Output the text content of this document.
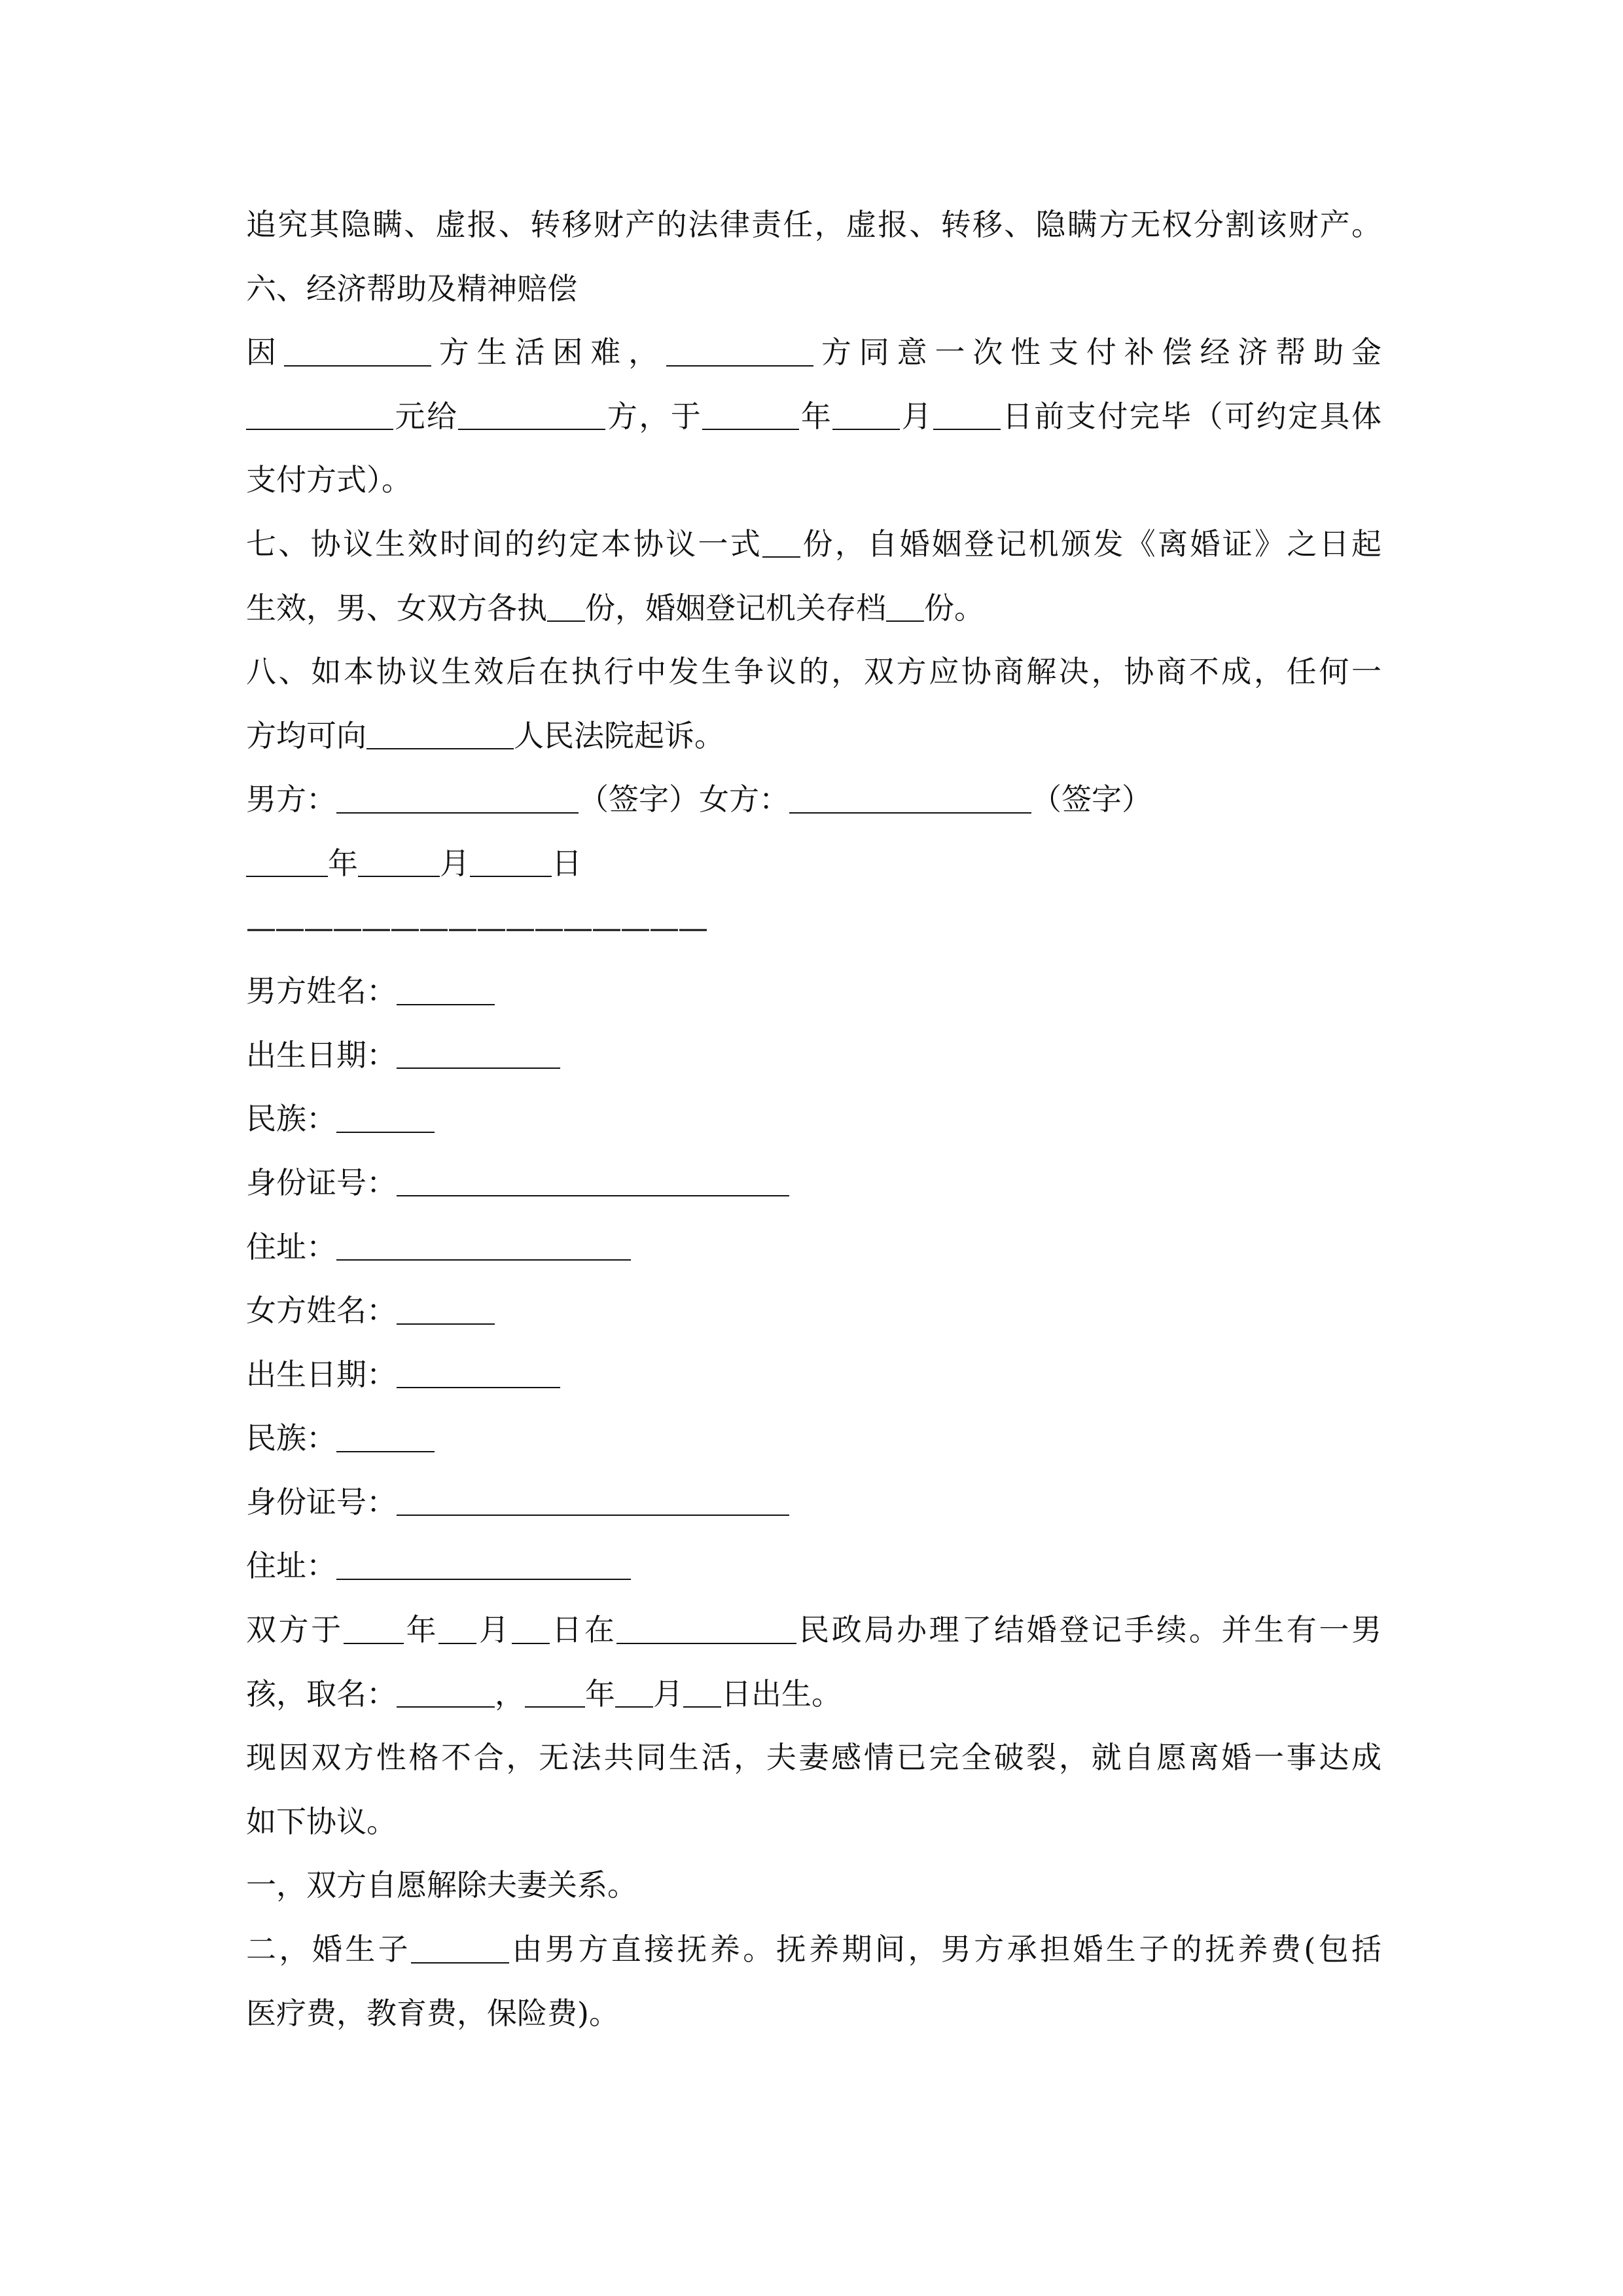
追究其隐瞒、虚报、转移财产的法律责任，虚报、转移、隐瞒方无权分割该财产。
六、经济帮助及精神赔偿
因	方生活困难，	方同意一次性支付补偿经济帮助金
元给	方，于	年 月 日前支付完毕（可约定具体
支付方式）。
七、协议生效时间的约定本协议一式 份，自婚姻登记机颁发《离婚证》之日起
生效，男、女双方各执 份，婚姻登记机关存档 份。
八、如本协议生效后在执行中发生争议的，双方应协商解决，协商不成，任何一
方均可向	人民法院起诉。
男方：	（签字）女方：	（签字）
年	月	日
————————————————
男方姓名：
出生日期：
民族：
身份证号：
住址：
女方姓名：
出生日期：
民族：
身份证号：
住址：
双方于 年 月 日在	民政局办理了结婚登记手续。并生有一男
孩，取名：	， 年 月 日出生。
现因双方性格不合，无法共同生活，夫妻感情已完全破裂，就自愿离婚一事达成
如下协议。
一，双方自愿解除夫妻关系。
二，婚生子	由男方直接抚养。抚养期间，男方承担婚生子的抚养费(包括
医疗费，教育费，保险费)。
